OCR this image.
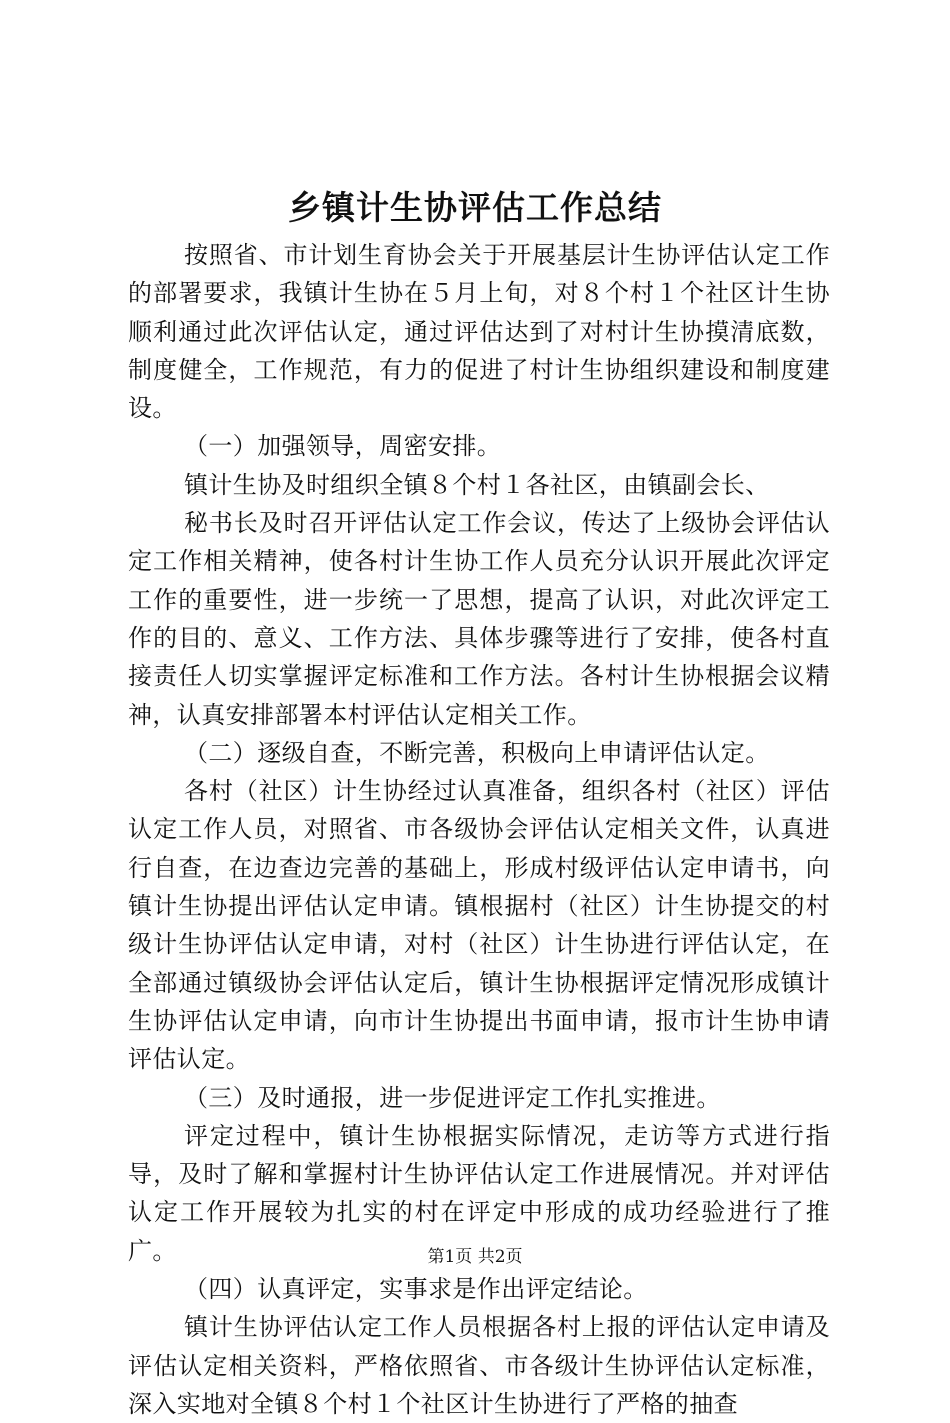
乡镇计生协评估工作总结

按照省、市计划生育协会关于开展基层计生协评估认定工作的部署要求，我镇计生协在５月上旬，对８个村１个社区计生协顺利通过此次评估认定，通过评估达到了对村计生协摸清底数，制度健全，工作规范，有力的促进了村计生协组织建设和制度建设。

（一）加强领导，周密安排。

镇计生协及时组织全镇８个村１各社区，由镇副会长、

秘书长及时召开评估认定工作会议，传达了上级协会评估认定工作相关精神，使各村计生协工作人员充分认识开展此次评定工作的重要性，进一步统一了思想，提高了认识，对此次评定工作的目的、意义、工作方法、具体步骤等进行了安排，使各村直接责任人切实掌握评定标准和工作方法。各村计生协根据会议精神，认真安排部署本村评估认定相关工作。

（二）逐级自查，不断完善，积极向上申请评估认定。

各村（社区）计生协经过认真准备，组织各村（社区）评估认定工作人员，对照省、市各级协会评估认定相关文件，认真进行自查，在边查边完善的基础上，形成村级评估认定申请书，向镇计生协提出评估认定申请。镇根据村（社区）计生协提交的村级计生协评估认定申请，对村（社区）计生协进行评估认定，在全部通过镇级协会评估认定后，镇计生协根据评定情况形成镇计生协评估认定申请，向市计生协提出书面申请，报市计生协申请评估认定。

（三）及时通报，进一步促进评定工作扎实推进。

评定过程中，镇计生协根据实际情况，走访等方式进行指导，及时了解和掌握村计生协评估认定工作进展情况。并对评估认定工作开展较为扎实的村在评定中形成的成功经验进行了推广。

（四）认真评定，实事求是作出评定结论。

镇计生协评估认定工作人员根据各村上报的评估认定申请及评估认定相关资料，严格依照省、市各级计生协评估认定标准，深入实地对全镇８个村１个社区计生协进行了严格的抽查

第1页 共2页
